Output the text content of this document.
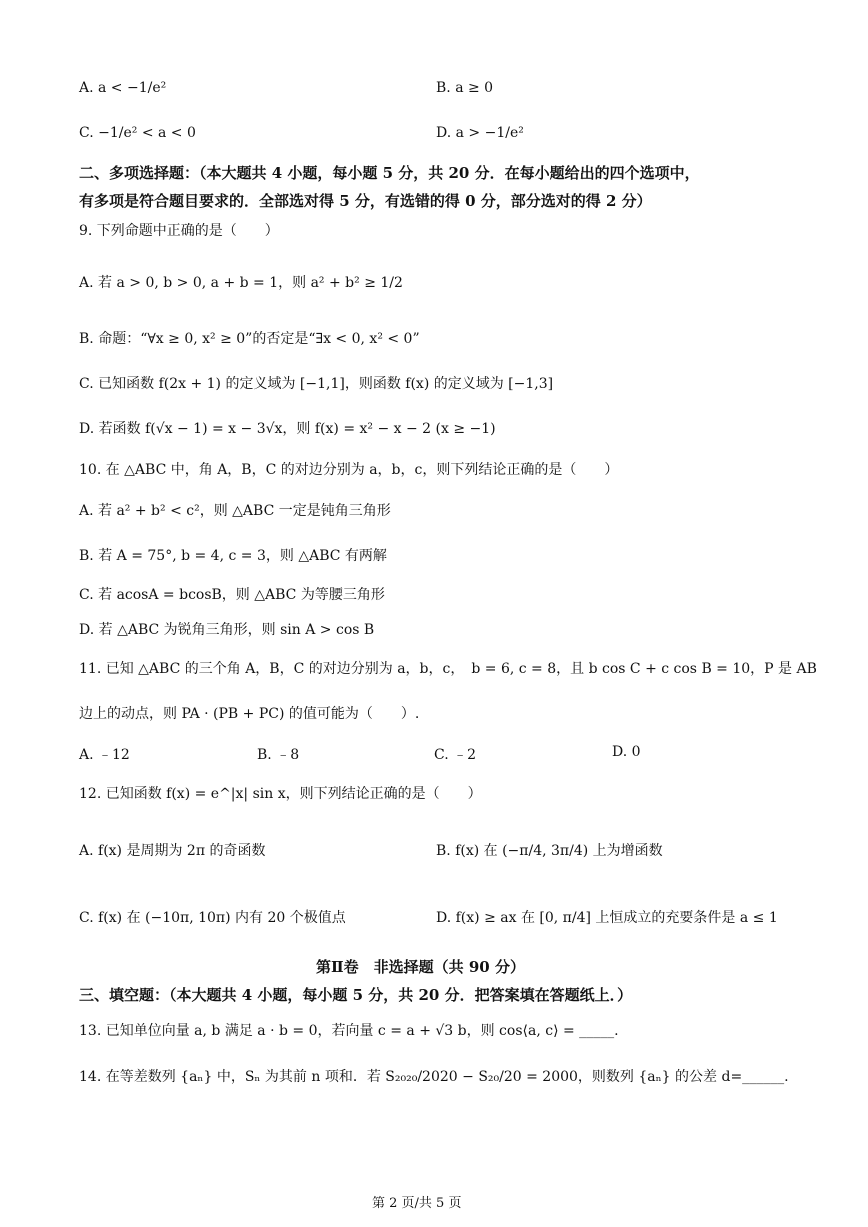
A. a < −1/e²	B. a ≥ 0
C. −1/e² < a < 0	D. a > −1/e²
二、多项选择题：（本大题共 4 小题，每小题 5 分，共 20 分．在每小题给出的四个选项中，
有多项是符合题目要求的．全部选对得 5 分，有选错的得 0 分，部分选对的得 2 分）
9. 下列命题中正确的是（　　）
A. 若 a > 0, b > 0, a + b = 1，则 a² + b² ≥ 1/2
B. 命题：“∀x ≥ 0, x² ≥ 0”的否定是“∃x < 0, x² < 0”
C. 已知函数 f(2x + 1) 的定义域为 [−1,1]，则函数 f(x) 的定义域为 [−1,3]
D. 若函数 f(√x − 1) = x − 3√x，则 f(x) = x² − x − 2 (x ≥ −1)
10. 在 △ABC 中，角 A，B，C 的对边分别为 a，b，c，则下列结论正确的是（　　）
A. 若 a² + b² < c²，则 △ABC 一定是钝角三角形
B. 若 A = 75°, b = 4, c = 3，则 △ABC 有两解
C. 若 acosA = bcosB，则 △ABC 为等腰三角形
D. 若 △ABC 为锐角三角形，则 sin A > cos B
11. 已知 △ABC 的三个角 A，B，C 的对边分别为 a，b，c，　b = 6, c = 8，且 b cos C + c cos B = 10，P 是 AB
边上的动点，则 PA · (PB + PC) 的值可能为（　　）.
A. ﹣12	B. ﹣8	C. ﹣2	D. 0
12. 已知函数 f(x) = e^|x| sin x，则下列结论正确的是（　　）
A. f(x) 是周期为 2π 的奇函数	B. f(x) 在 (−π/4, 3π/4) 上为增函数
C. f(x) 在 (−10π, 10π) 内有 20 个极值点	D. f(x) ≥ ax 在 [0, π/4] 上恒成立的充要条件是 a ≤ 1
第Ⅱ卷　非选择题（共 90 分）
三、填空题：（本大题共 4 小题，每小题 5 分，共 20 分．把答案填在答题纸上．）
13. 已知单位向量 a, b 满足 a · b = 0，若向量 c = a + √3 b，则 cos⟨a, c⟩ = _____.
14. 在等差数列 {aₙ} 中，Sₙ 为其前 n 项和．若 S₂₀₂₀/2020 − S₂₀/20 = 2000，则数列 {aₙ} 的公差 d=______.
第 2 页/共 5 页
